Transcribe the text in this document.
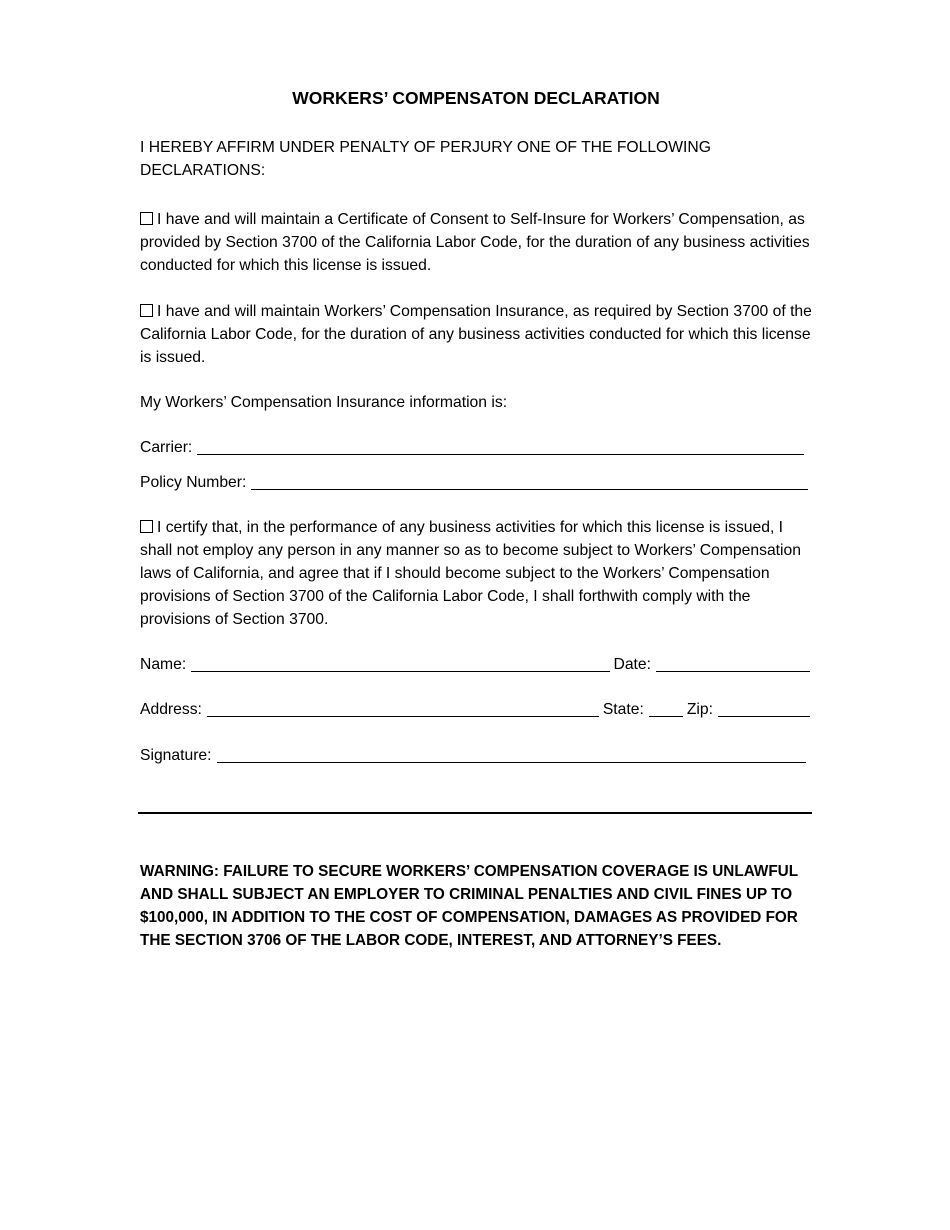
WORKERS’ COMPENSATON DECLARATION
I HEREBY AFFIRM UNDER PENALTY OF PERJURY ONE OF THE FOLLOWING DECLARATIONS:
I have and will maintain a Certificate of Consent to Self-Insure for Workers’ Compensation, as provided by Section 3700 of the California Labor Code, for the duration of any business activities conducted for which this license is issued.
I have and will maintain Workers’ Compensation Insurance, as required by Section 3700 of the California Labor Code, for the duration of any business activities conducted for which this license is issued.
My Workers’ Compensation Insurance information is:
Carrier:
Policy Number:
I certify that, in the performance of any business activities for which this license is issued, I shall not employ any person in any manner so as to become subject to Workers’ Compensation laws of California, and agree that if I should become subject to the Workers’ Compensation provisions of Section 3700 of the California Labor Code, I shall forthwith comply with the provisions of Section 3700.
Name:	Date:
Address:	State:	Zip:
Signature:
WARNING: FAILURE TO SECURE WORKERS’ COMPENSATION COVERAGE IS UNLAWFUL AND SHALL SUBJECT AN EMPLOYER TO CRIMINAL PENALTIES AND CIVIL FINES UP TO $100,000, IN ADDITION TO THE COST OF COMPENSATION, DAMAGES AS PROVIDED FOR THE SECTION 3706 OF THE LABOR CODE, INTEREST, AND ATTORNEY’S FEES.
